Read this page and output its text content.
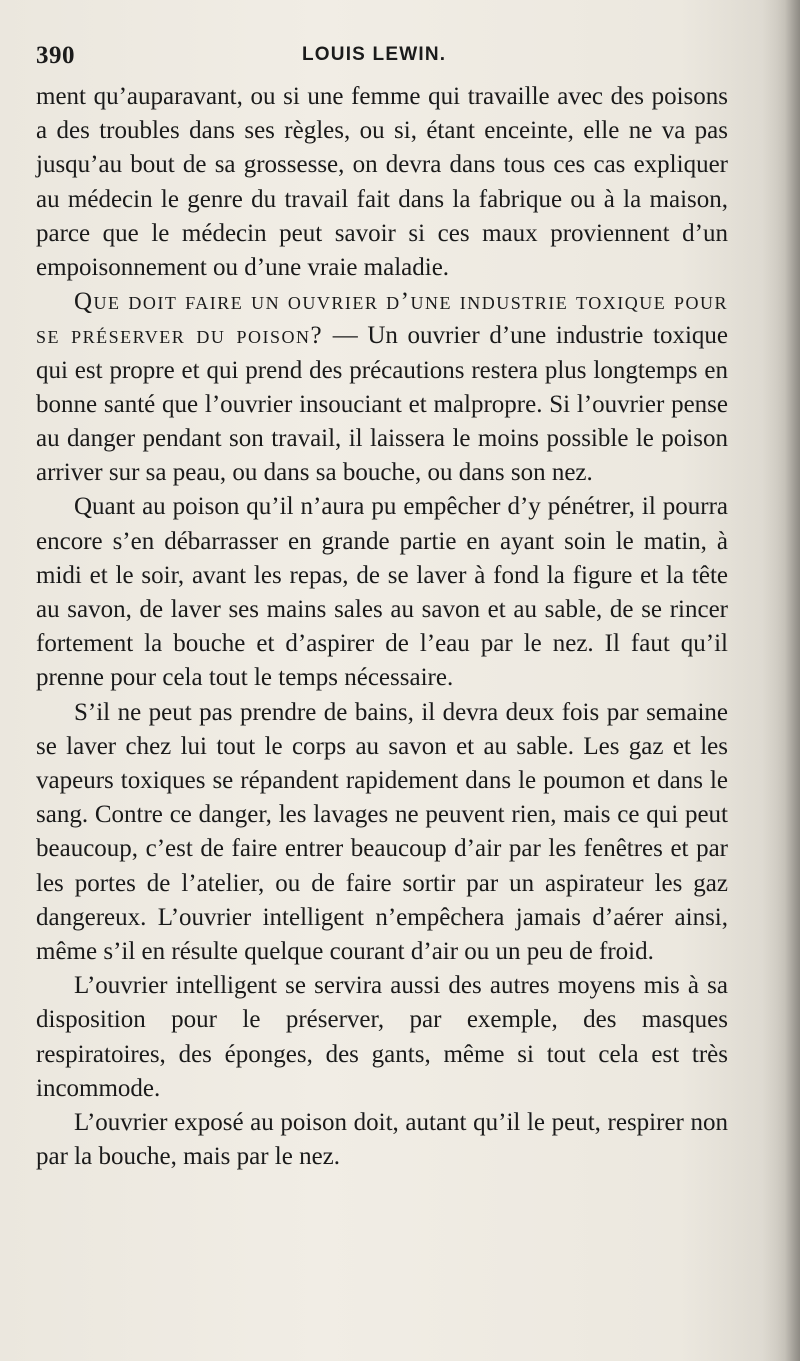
390	LOUIS LEWIN.

ment qu’auparavant, ou si une femme qui travaille avec des poisons a des troubles dans ses règles, ou si, étant enceinte, elle ne va pas jusqu’au bout de sa grossesse, on devra dans tous ces cas expliquer au médecin le genre du travail fait dans la fabrique ou à la maison, parce que le médecin peut savoir si ces maux proviennent d’un empoisonnement ou d’une vraie maladie.

Que doit faire un ouvrier d’une industrie toxique pour se préserver du poison? — Un ouvrier d’une industrie toxique qui est propre et qui prend des précautions restera plus longtemps en bonne santé que l’ouvrier insouciant et malpropre. Si l’ouvrier pense au danger pendant son travail, il laissera le moins possible le poison arriver sur sa peau, ou dans sa bouche, ou dans son nez.

Quant au poison qu’il n’aura pu empêcher d’y pénétrer, il pourra encore s’en débarrasser en grande partie en ayant soin le matin, à midi et le soir, avant les repas, de se laver à fond la figure et la tête au savon, de laver ses mains sales au savon et au sable, de se rincer fortement la bouche et d’aspirer de l’eau par le nez. Il faut qu’il prenne pour cela tout le temps nécessaire.

S’il ne peut pas prendre de bains, il devra deux fois par semaine se laver chez lui tout le corps au savon et au sable. Les gaz et les vapeurs toxiques se répandent rapidement dans le poumon et dans le sang. Contre ce danger, les lavages ne peuvent rien, mais ce qui peut beaucoup, c’est de faire entrer beaucoup d’air par les fenêtres et par les portes de l’atelier, ou de faire sortir par un aspirateur les gaz dangereux. L’ouvrier intelligent n’empêchera jamais d’aérer ainsi, même s’il en résulte quelque courant d’air ou un peu de froid.

L’ouvrier intelligent se servira aussi des autres moyens mis à sa disposition pour le préserver, par exemple, des masques respiratoires, des éponges, des gants, même si tout cela est très incommode.

L’ouvrier exposé au poison doit, autant qu’il le peut, respirer non par la bouche, mais par le nez.
